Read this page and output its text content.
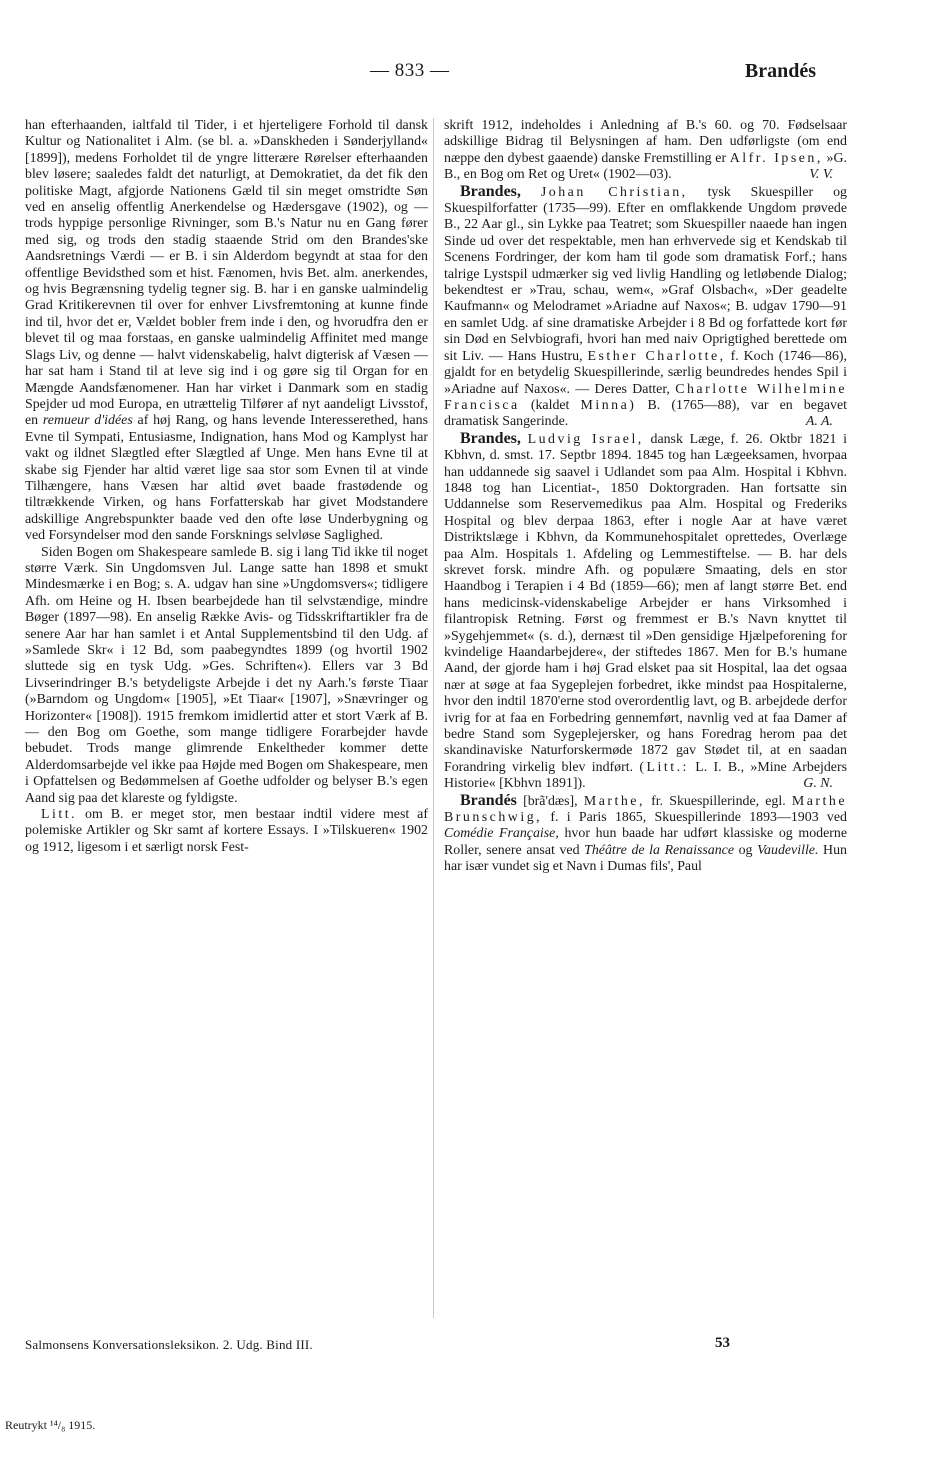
— 833 —	Brandés

han efterhaanden, ialtfald til Tider, i et hjerteligere Forhold til dansk Kultur og Nationalitet i Alm. (se bl. a. »Danskheden i Sønderjylland« [1899]), medens Forholdet til de yngre litterære Rørelser efterhaanden blev løsere; saaledes faldt det naturligt, at Demokratiet, da det fik den politiske Magt, afgjorde Nationens Gæld til sin meget omstridte Søn ved en anselig offentlig Anerkendelse og Hædersgave (1902), og — trods hyppige personlige Rivninger, som B.'s Natur nu en Gang fører med sig, og trods den stadig staaende Strid om den Brandes'ske Aandsretnings Værdi — er B. i sin Alderdom begyndt at staa for den offentlige Bevidsthed som et hist. Fænomen, hvis Bet. alm. anerkendes, og hvis Begrænsning tydelig tegner sig. B. har i en ganske ualmindelig Grad Kritikerevnen til over for enhver Livsfremtoning at kunne finde ind til, hvor det er, Vældet bobler frem inde i den, og hvorudfra den er blevet til og maa forstaas, en ganske ualmindelig Affinitet med mange Slags Liv, og denne — halvt videnskabelig, halvt digterisk af Væsen — har sat ham i Stand til at leve sig ind i og gøre sig til Organ for en Mængde Aandsfænomener. Han har virket i Danmark som en stadig Spejder ud mod Europa, en utrættelig Tilfører af nyt aandeligt Livsstof, en remueur d'idées af høj Rang, og hans levende Interesserethed, hans Evne til Sympati, Entusiasme, Indignation, hans Mod og Kamplyst har vakt og ildnet Slægtled efter Slægtled af Unge. Men hans Evne til at skabe sig Fjender har altid været lige saa stor som Evnen til at vinde Tilhængere, hans Væsen har altid øvet baade frastødende og tiltrækkende Virken, og hans Forfatterskab har givet Modstandere adskillige Angrebspunkter baade ved den ofte løse Underbygning og ved Forsyndelser mod den sande Forsknings selvløse Saglighed.

Siden Bogen om Shakespeare samlede B. sig i lang Tid ikke til noget større Værk. Sin Ungdomsven Jul. Lange satte han 1898 et smukt Mindesmærke i en Bog; s. A. udgav han sine »Ungdomsvers«; tidligere Afh. om Heine og H. Ibsen bearbejdede han til selvstændige, mindre Bøger (1897—98). En anselig Række Avis- og Tidsskriftartikler fra de senere Aar har han samlet i et Antal Supplementsbind til den Udg. af »Samlede Skr« i 12 Bd, som paabegyndtes 1899 (og hvortil 1902 sluttede sig en tysk Udg. »Ges. Schriften«). Ellers var 3 Bd Livserindringer B.'s betydeligste Arbejde i det ny Aarh.'s første Tiaar (»Barndom og Ungdom« [1905], »Et Tiaar« [1907], »Snævringer og Horizonter« [1908]). 1915 fremkom imidlertid atter et stort Værk af B. — den Bog om Goethe, som mange tidligere Forarbejder havde bebudet. Trods mange glimrende Enkeltheder kommer dette Alderdomsarbejde vel ikke paa Højde med Bogen om Shakespeare, men i Opfattelsen og Bedømmelsen af Goethe udfolder og belyser B.'s egen Aand sig paa det klareste og fyldigste.

Litt. om B. er meget stor, men bestaar indtil videre mest af polemiske Artikler og Skr samt af kortere Essays. I »Tilskueren« 1902 og 1912, ligesom i et særligt norsk Fest-

skrift 1912, indeholdes i Anledning af B.'s 60. og 70. Fødselsaar adskillige Bidrag til Belysningen af ham. Den udførligste (om end næppe den dybest gaaende) danske Fremstilling er Alfr. Ipsen, »G. B., en Bog om Ret og Uret« (1902—03).	V. V.

Brandes, Johan Christian, tysk Skuespiller og Skuespilforfatter (1735—99). Efter en omflakkende Ungdom prøvede B., 22 Aar gl., sin Lykke paa Teatret; som Skuespiller naaede han ingen Sinde ud over det respektable, men han erhvervede sig et Kendskab til Scenens Fordringer, der kom ham til gode som dramatisk Forf.; hans talrige Lystspil udmærker sig ved livlig Handling og letløbende Dialog; bekendtest er »Trau, schau, wem«, »Graf Olsbach«, »Der geadelte Kaufmann« og Melodramet »Ariadne auf Naxos«; B. udgav 1790—91 en samlet Udg. af sine dramatiske Arbejder i 8 Bd og forfattede kort før sin Død en Selvbiografi, hvori han med naiv Oprigtighed berettede om sit Liv. — Hans Hustru, Esther Charlotte, f. Koch (1746—86), gjaldt for en betydelig Skuespillerinde, særlig beundredes hendes Spil i »Ariadne auf Naxos«. — Deres Datter, Charlotte Wilhelmine Francisca (kaldet Minna) B. (1765—88), var en begavet dramatisk Sangerinde.	A. A.

Brandes, Ludvig Israel, dansk Læge, f. 26. Oktbr 1821 i Kbhvn, d. smst. 17. Septbr 1894. 1845 tog han Lægeeksamen, hvorpaa han uddannede sig saavel i Udlandet som paa Alm. Hospital i Kbhvn. 1848 tog han Licentiat-, 1850 Doktorgraden. Han fortsatte sin Uddannelse som Reservemedikus paa Alm. Hospital og Frederiks Hospital og blev derpaa 1863, efter i nogle Aar at have været Distriktslæge i Kbhvn, da Kommunehospitalet oprettedes, Overlæge paa Alm. Hospitals 1. Afdeling og Lemmestiftelse. — B. har dels skrevet forsk. mindre Afh. og populære Smaating, dels en stor Haandbog i Terapien i 4 Bd (1859—66); men af langt større Bet. end hans medicinsk-videnskabelige Arbejder er hans Virksomhed i filantropisk Retning. Først og fremmest er B.'s Navn knyttet til »Sygehjemmet« (s. d.), dernæst til »Den gensidige Hjælpeforening for kvindelige Haandarbejdere«, der stiftedes 1867. Men for B.'s humane Aand, der gjorde ham i høj Grad elsket paa sit Hospital, laa det ogsaa nær at søge at faa Sygeplejen forbedret, ikke mindst paa Hospitalerne, hvor den indtil 1870'erne stod overordentlig lavt, og B. arbejdede derfor ivrig for at faa en Forbedring gennemført, navnlig ved at faa Damer af bedre Stand som Sygeplejersker, og hans Foredrag herom paa det skandinaviske Naturforskermøde 1872 gav Stødet til, at en saadan Forandring virkelig blev indført. (Litt.: L. I. B., »Mine Arbejders Historie« [Kbhvn 1891]).	G. N.

Brandés [brã'dæs], Marthe, fr. Skuespillerinde, egl. Marthe Brunschwig, f. i Paris 1865, Skuespillerinde 1893—1903 ved Comédie Française, hvor hun baade har udført klassiske og moderne Roller, senere ansat ved Théâtre de la Renaissance og Vaudeville. Hun har især vundet sig et Navn i Dumas fils', Paul

Salmonsens Konversationsleksikon. 2. Udg. Bind III.	53
Reutrykt ¹⁴/₈ 1915.
